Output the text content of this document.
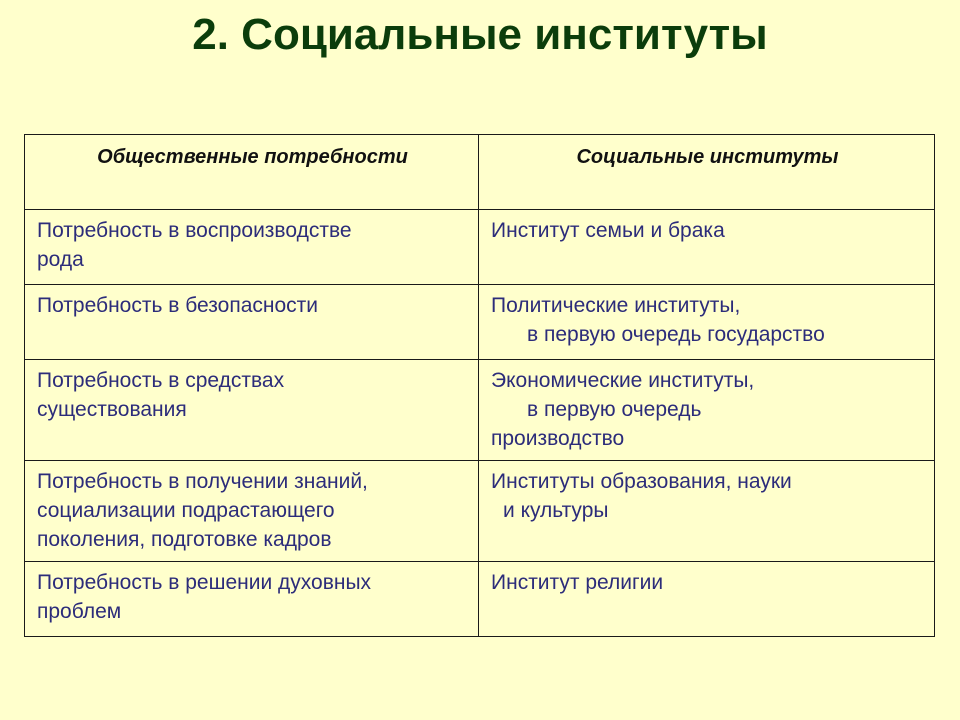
2. Социальные институты
Общественные потребности	Социальные институты

Потребность в воспроизводстве
рода	Институт семьи и брака

Потребность в безопасности	Политические институты,
в первую очередь государство

Потребность в средствах
существования	Экономические институты,
в первую очередь
производство

Потребность в получении знаний,
социализации подрастающего
поколения, подготовке кадров	Институты образования, науки
и культуры

Потребность в решении духовных
проблем	Институт религии
